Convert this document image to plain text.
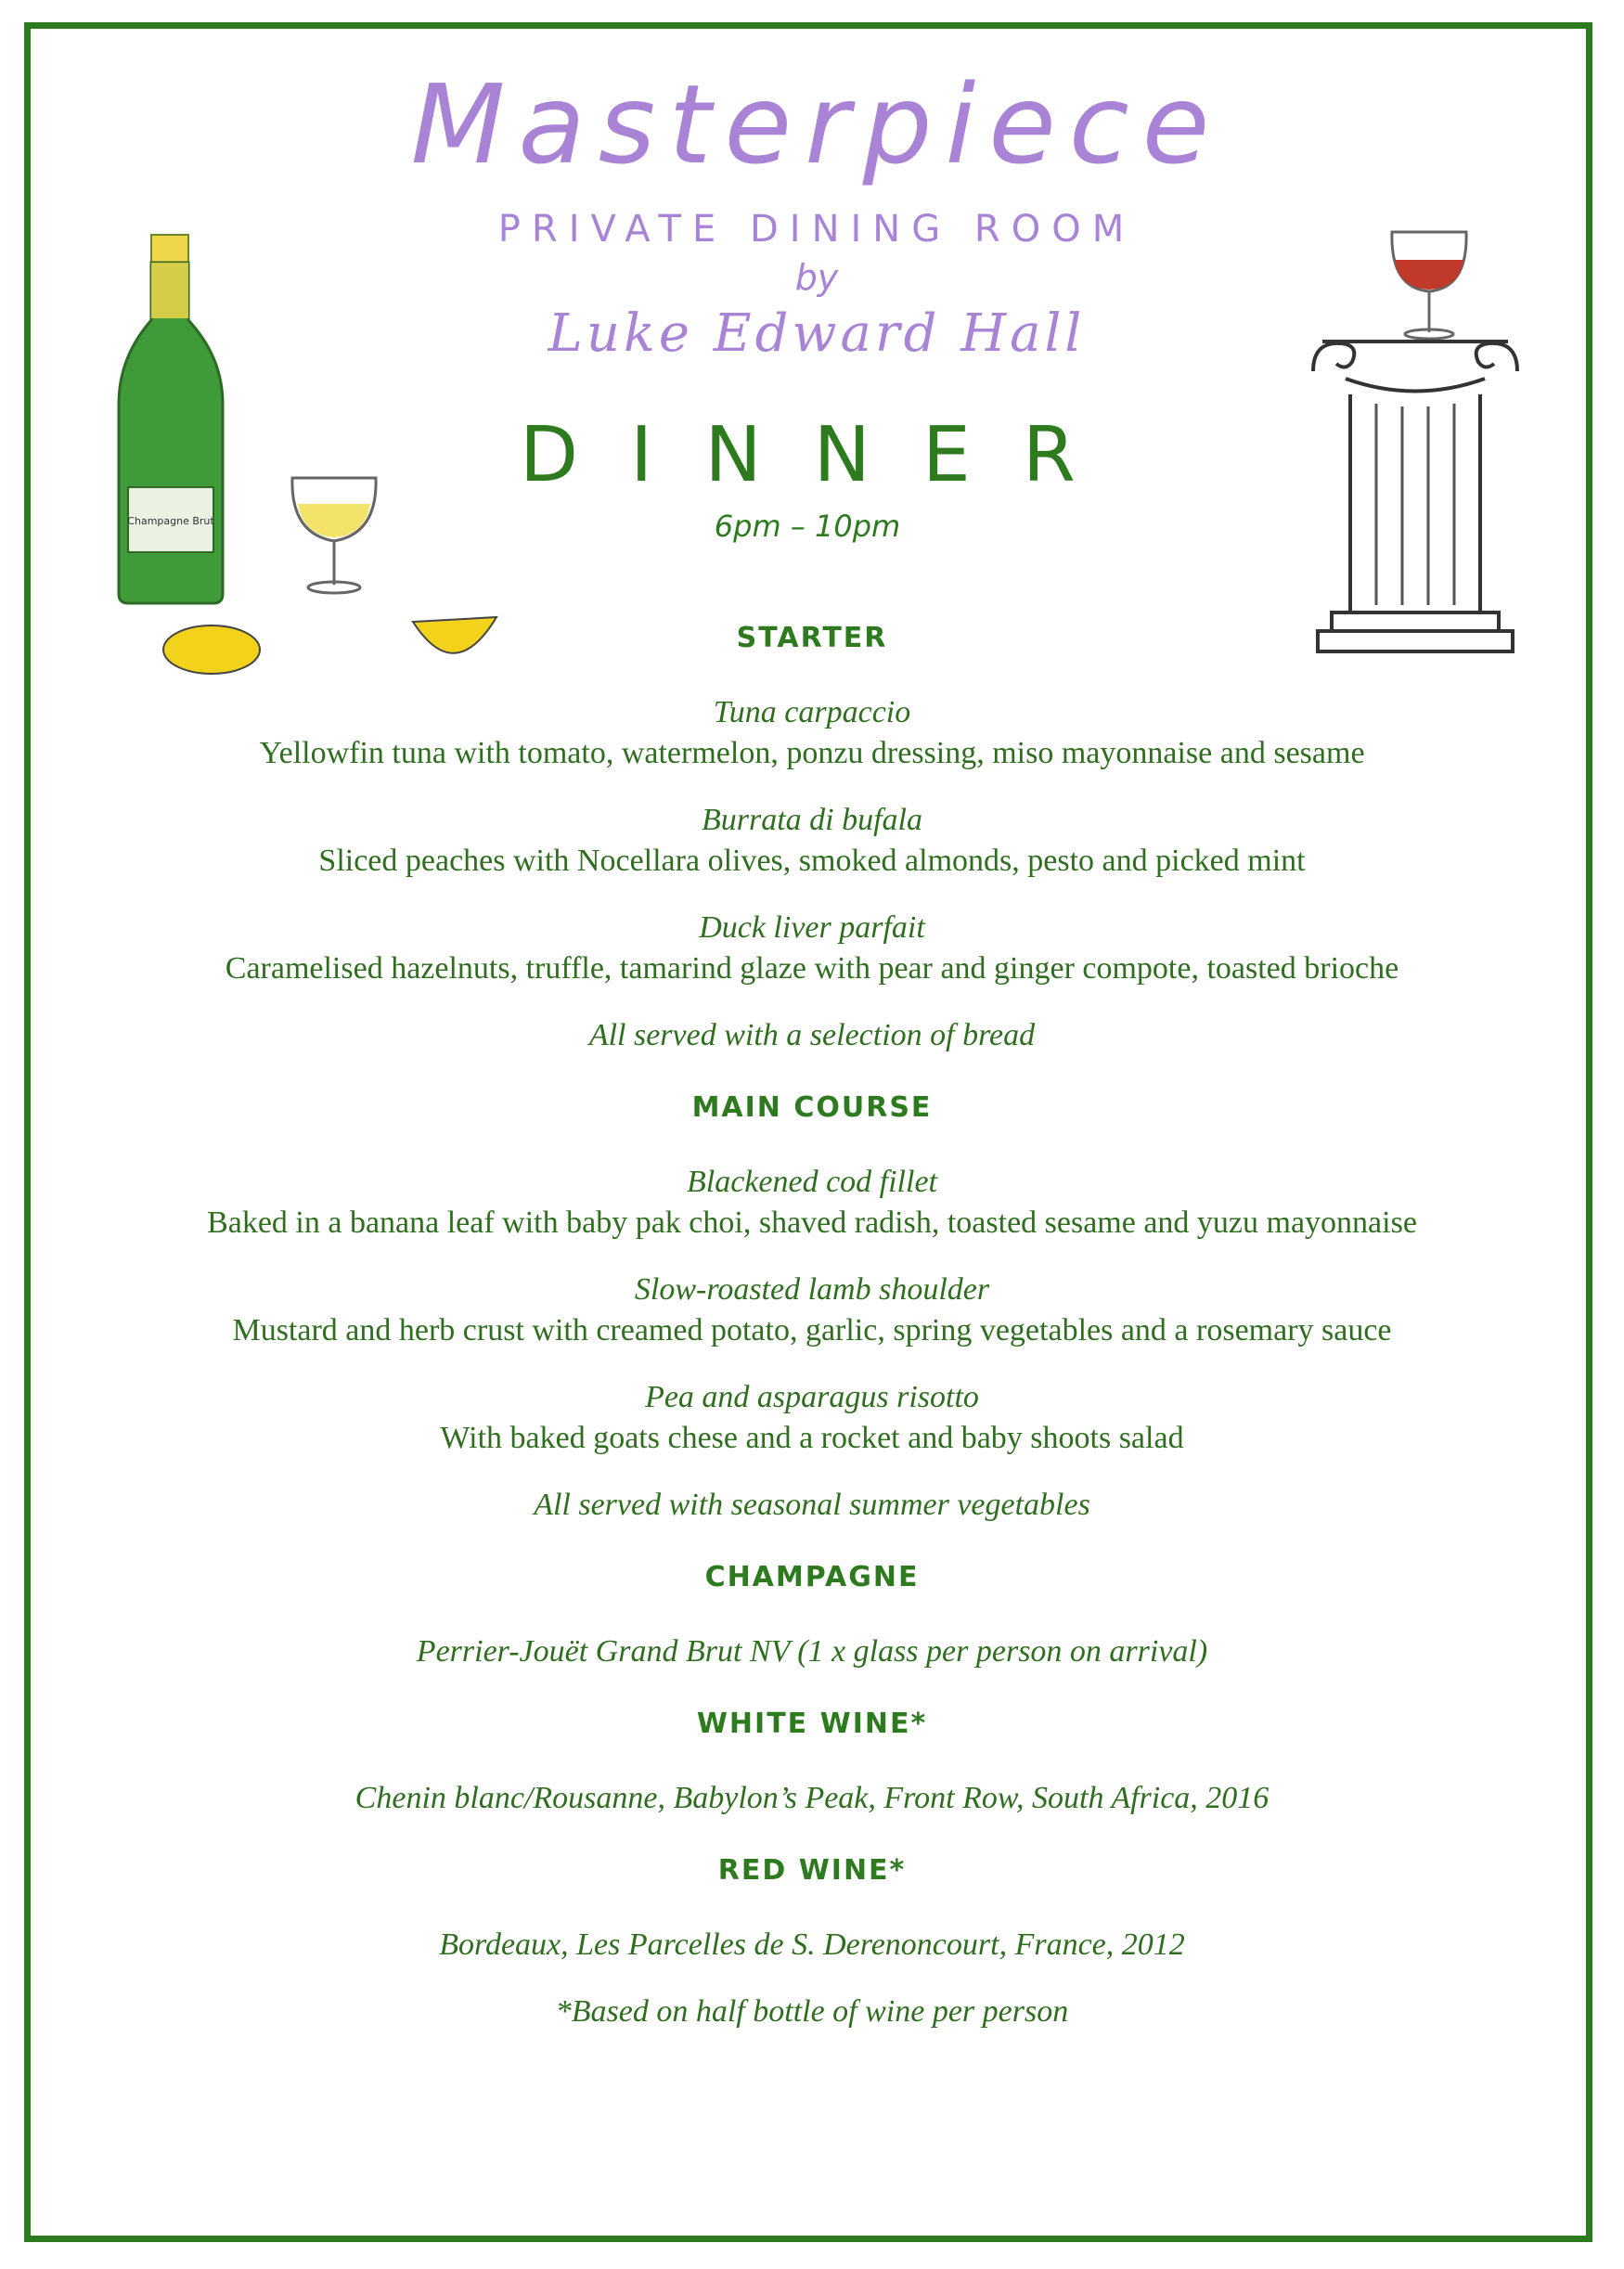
Champagne Brut
Masterpiece
PRIVATE DINING ROOM
by
Luke Edward Hall
DINNER
6pm – 10pm
STARTER
Tuna carpaccio
Yellowfin tuna with tomato, watermelon, ponzu dressing, miso mayonnaise and sesame
Burrata di bufala
Sliced peaches with Nocellara olives, smoked almonds, pesto and picked mint
Duck liver parfait
Caramelised hazelnuts, truffle, tamarind glaze with pear and ginger compote, toasted brioche
All served with a selection of bread
MAIN COURSE
Blackened cod fillet
Baked in a banana leaf with baby pak choi, shaved radish, toasted sesame and yuzu mayonnaise
Slow-roasted lamb shoulder
Mustard and herb crust with creamed potato, garlic, spring vegetables and a rosemary sauce
Pea and asparagus risotto
With baked goats chese and a rocket and baby shoots salad
All served with seasonal summer vegetables
CHAMPAGNE
Perrier-Jouët Grand Brut NV (1 x glass per person on arrival)
WHITE WINE*
Chenin blanc/Rousanne, Babylon’s Peak, Front Row, South Africa, 2016
RED WINE*
Bordeaux, Les Parcelles de S. Derenoncourt, France, 2012
*Based on half bottle of wine per person
